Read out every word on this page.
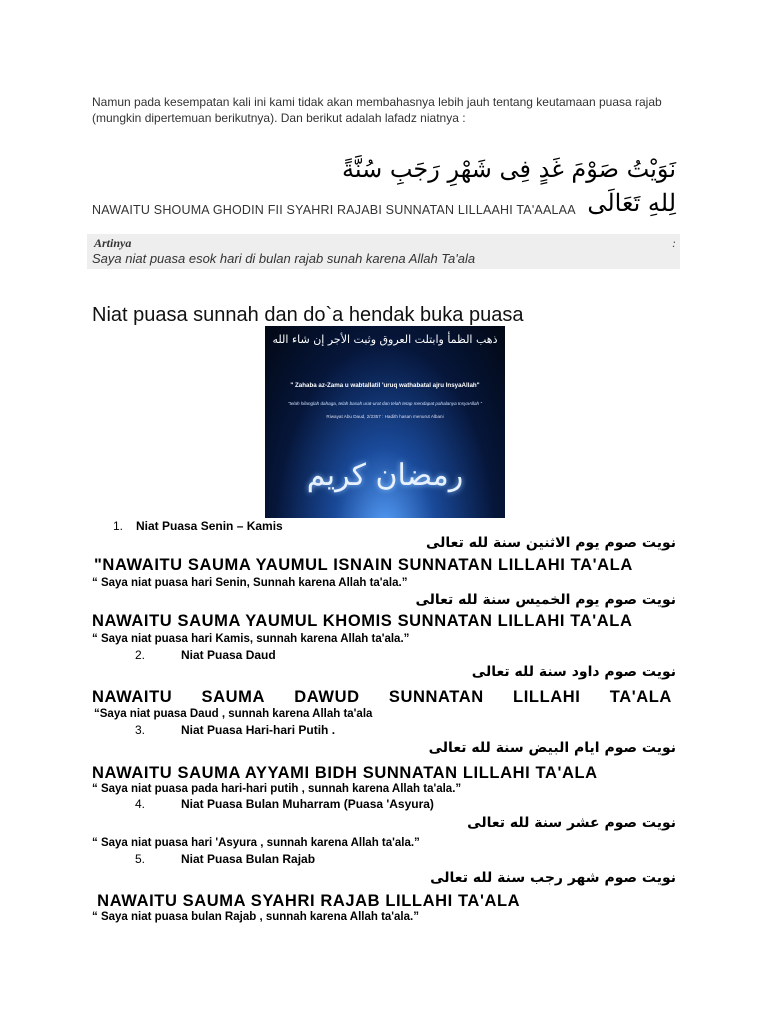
Namun pada kesempatan kali ini kami tidak akan membahasnya lebih jauh tentang keutamaan puasa rajab (mungkin dipertemuan berikutnya). Dan berikut adalah lafadz niatnya :
نَوَيْتُ صَوْمَ غَدٍ فِى شَهْرِ رَجَبِ سُنَّةً لِلهِ تَعَالَى
NAWAITU SHOUMA GHODIN FII SYAHRI RAJABI SUNNATAN LILLAAHI TA'AALAA
Artinya	:
Saya niat puasa esok hari di bulan rajab sunah karena Allah Ta'ala
Niat puasa sunnah dan do`a hendak buka puasa
ذهب الظمأ وابتلت العروق وثبت الأجر إن شاء الله
" Zahaba az-Zama u wabtallatil 'uruq wathabatal ajru InsyaAllah"
"telah hilanglah dahaga, telah basah urat-urat dan telah tetap mendapat pahalanya InsyaAllah "
Riwayat Abu Daud, 2/2357 : Hadith hasan menurut Albani
رمضان كريم
1. Niat Puasa Senin – Kamis
نويت صوم يوم الاثنين سنة لله تعالى
"NAWAITU SAUMA YAUMUL ISNAIN SUNNATAN LILLAHI TA'ALA
“ Saya niat puasa hari Senin, Sunnah karena Allah ta'ala.”
نويت صوم يوم الخميس سنة لله تعالى
NAWAITU SAUMA YAUMUL KHOMIS SUNNATAN LILLAHI TA'ALA
“ Saya niat puasa hari Kamis, sunnah karena Allah ta'ala.”
2.	Niat Puasa Daud
نويت صوم داود سنة لله تعالى
NAWAITU SAUMA DAWUD SUNNATAN LILLAHI TA'ALA
“Saya niat puasa Daud , sunnah karena Allah ta'ala
3.	Niat Puasa Hari-hari Putih .
نويت صوم ايام البيض سنة لله تعالى
NAWAITU SAUMA AYYAMI BIDH SUNNATAN LILLAHI TA'ALA
“ Saya niat puasa pada hari-hari putih , sunnah karena Allah ta'ala.”
4.	Niat Puasa Bulan Muharram (Puasa 'Asyura)
نويت صوم عشر سنة لله تعالى
“ Saya niat puasa hari 'Asyura , sunnah karena Allah ta'ala.”
5.	Niat Puasa Bulan Rajab
نويت صوم شهر رجب سنة لله تعالى
NAWAITU SAUMA SYAHRI RAJAB LILLAHI TA'ALA
“ Saya niat puasa bulan Rajab , sunnah karena Allah ta'ala.”
